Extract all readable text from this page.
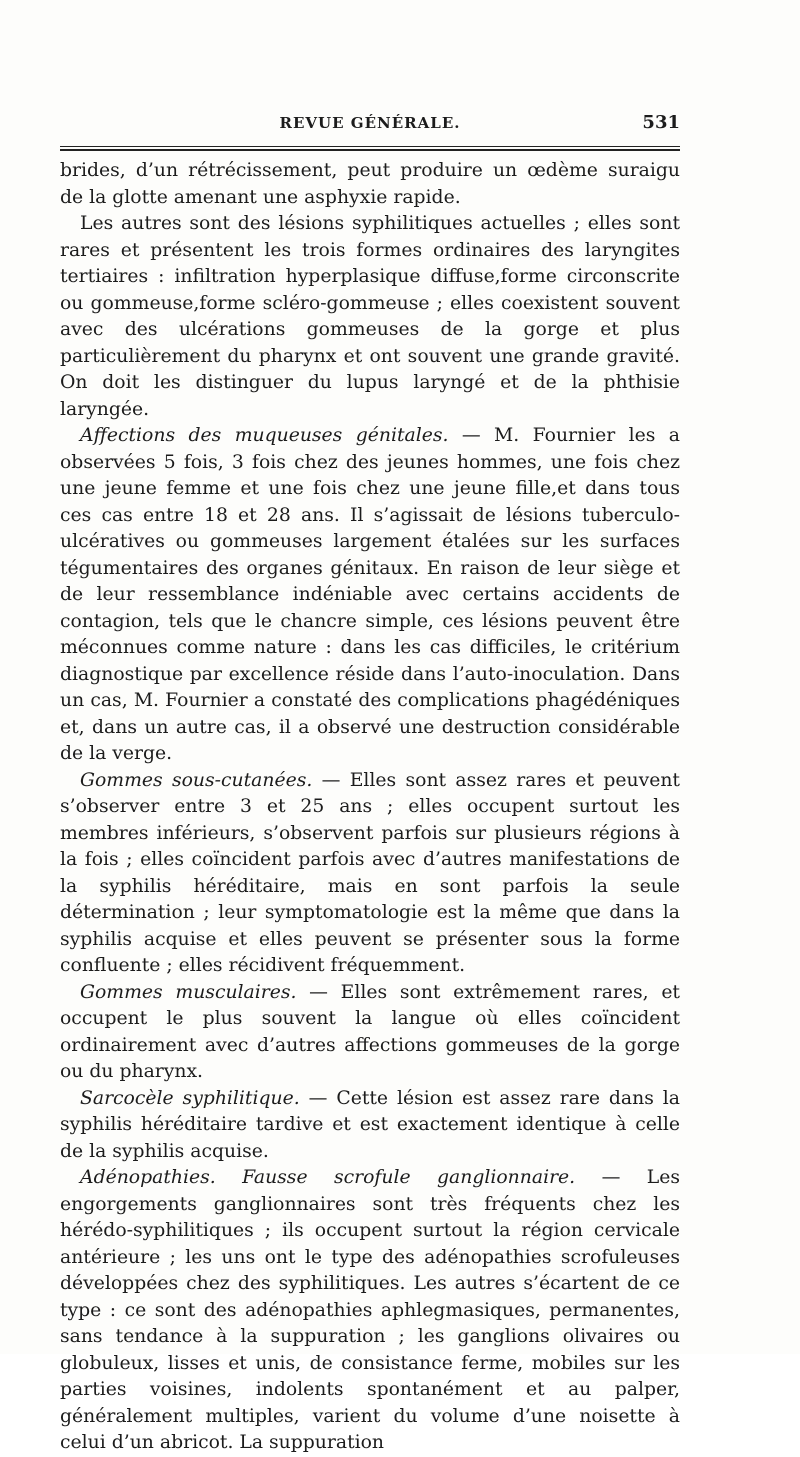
REVUE GÉNÉRALE.	531

brides, d’un rétrécissement, peut produire un œdème suraigu de la glotte amenant une asphyxie rapide.

Les autres sont des lésions syphilitiques actuelles ; elles sont rares et présentent les trois formes ordinaires des laryngites tertiaires : infiltration hyperplasique diffuse,forme circonscrite ou gommeuse,forme scléro-gommeuse ; elles coexistent souvent avec des ulcérations gommeuses de la gorge et plus particulièrement du pharynx et ont souvent une grande gravité. On doit les distinguer du lupus laryngé et de la phthisie laryngée.

Affections des muqueuses génitales. — M. Fournier les a observées 5 fois, 3 fois chez des jeunes hommes, une fois chez une jeune femme et une fois chez une jeune fille,et dans tous ces cas entre 18 et 28 ans. Il s’agissait de lésions tuberculo-ulcératives ou gommeuses largement étalées sur les surfaces tégumentaires des organes génitaux. En raison de leur siège et de leur ressemblance indéniable avec certains accidents de contagion, tels que le chancre simple, ces lésions peuvent être méconnues comme nature : dans les cas difficiles, le critérium diagnostique par excellence réside dans l’auto-inoculation. Dans un cas, M. Fournier a constaté des complications phagédéniques et, dans un autre cas, il a observé une destruction considérable de la verge.

Gommes sous-cutanées. — Elles sont assez rares et peuvent s’observer entre 3 et 25 ans ; elles occupent surtout les membres inférieurs, s’observent parfois sur plusieurs régions à la fois ; elles coïncident parfois avec d’autres manifestations de la syphilis héréditaire, mais en sont parfois la seule détermination ; leur symptomatologie est la même que dans la syphilis acquise et elles peuvent se présenter sous la forme confluente ; elles récidivent fréquemment.

Gommes musculaires. — Elles sont extrêmement rares, et occupent le plus souvent la langue où elles coïncident ordinairement avec d’autres affections gommeuses de la gorge ou du pharynx.

Sarcocèle syphilitique. — Cette lésion est assez rare dans la syphilis héréditaire tardive et est exactement identique à celle de la syphilis acquise.

Adénopathies. Fausse scrofule ganglionnaire. — Les engorgements ganglionnaires sont très fréquents chez les hérédo-syphilitiques ; ils occupent surtout la région cervicale antérieure ; les uns ont le type des adénopathies scrofuleuses développées chez des syphilitiques. Les autres s’écartent de ce type : ce sont des adénopathies aphlegmasiques, permanentes, sans tendance à la suppuration ; les ganglions olivaires ou globuleux, lisses et unis, de consistance ferme, mobiles sur les parties voisines, indolents spontanément et au palper, généralement multiples, varient du volume d’une noisette à celui d’un abricot. La suppuration
